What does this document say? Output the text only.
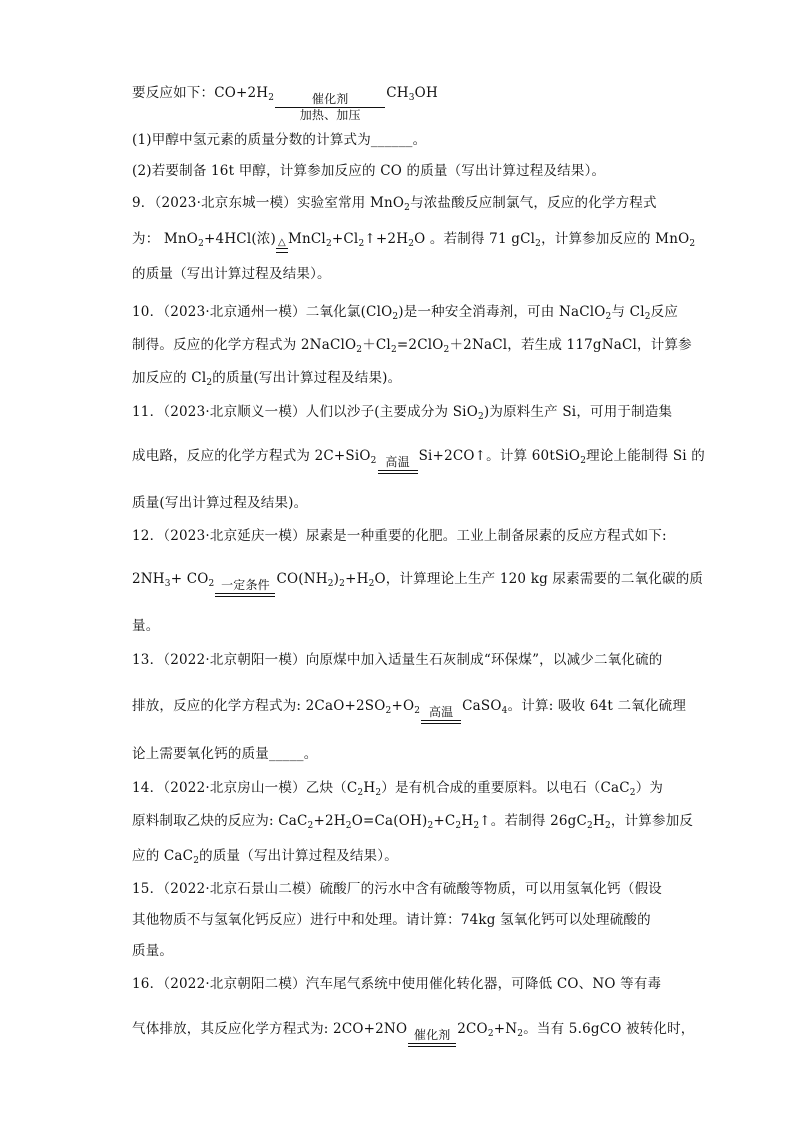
要反应如下：$CO+2H_2$	催化剂
加热、加压
$CH_3OH$
(1)甲醇中氢元素的质量分数的计算式为______。
(2)若要制备 16t 甲醇，计算参加反应的 CO 的质量（写出计算过程及结果）。
9．（2023·北京东城一模）实验室常用 MnO$_2$与浓盐酸反应制氯气，反应的化学方程式
为： MnO$_2$+4HCl(浓) △ $MnCl_2+Cl_2↑+2H_2O$ 。若制得 71 gCl$_2$，计算参加反应的 MnO$_2$
的质量（写出计算过程及结果）。
10．（2023·北京通州一模）二氧化氯(ClO$_2$)是一种安全消毒剂，可由 NaClO$_2$与 $Cl_2$反应
制得。反应的化学方程式为 $2NaClO_2+Cl_2=2ClO_2+2NaCl$，若生成 117gNaCl，计算参
加反应的 $Cl_2$的质量(写出计算过程及结果)。
11．（2023·北京顺义一模）人们以沙子(主要成分为 SiO$_2$)为原料生产 Si，可用于制造集
成电路，反应的化学方程式为 2C+SiO$_2$ 高温 Si+2CO↑。计算 60tSiO$_2$理论上能制得 Si 的
质量(写出计算过程及结果)。
12．（2023·北京延庆一模）尿素是一种重要的化肥。工业上制备尿素的反应方程式如下:
$2NH_3+ CO_2$ 一定条件 $CO(NH_2)_2+H_2O$，计算理论上生产 120 kg 尿素需要的二氧化碳的质
量。
13．（2022·北京朝阳一模）向原煤中加入适量生石灰制成“环保煤”，以减少二氧化硫的
排放，反应的化学方程式为: $2CaO+2SO_2+O_2$ 高温 CaSO$_4$。计算: 吸收 64t 二氧化硫理
论上需要氧化钙的质量_____。
14．（2022·北京房山一模）乙炔$(C_2H_2)$是有机合成的重要原料。以电石（CaC$_2$）为
原料制取乙炔的反应为: $CaC_2+2H_2O=Ca(OH)_2+C_2H_2↑$。若制得 $26gC_2H_2$，计算参加反
应的 CaC$_2$的质量（写出计算过程及结果）。
15．（2022·北京石景山二模）硫酸厂的污水中含有硫酸等物质，可以用氢氧化钙（假设
其他物质不与氢氧化钙反应）进行中和处理。请计算：74kg 氢氧化钙可以处理硫酸的
质量。
16．（2022·北京朝阳二模）汽车尾气系统中使用催化转化器，可降低 CO、NO 等有毒
气体排放，其反应化学方程式为: 2CO+2NO 催化剂 $2CO_2+N_2$。当有 5.6gCO 被转化时，
